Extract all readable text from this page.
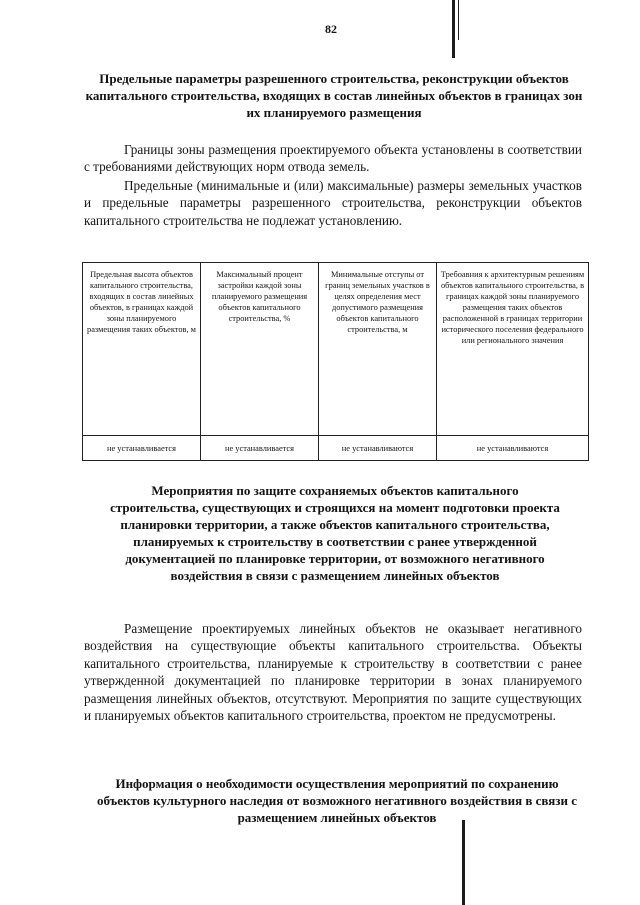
82
Предельные параметры разрешенного строительства, реконструкции объектов капитального строительства, входящих в состав линейных объектов в границах зон их планируемого размещения

Границы зоны размещения проектируемого объекта установлены в соответствии с требованиями действующих норм отвода земель.

Предельные (минимальные и (или) максимальные) размеры земельных участков и предельные параметры разрешенного строительства, реконструкции объектов капитального строительства не подлежат установлению.

Предельная высота объектов капитального строительства, входящих в состав линейных объектов, в границах каждой зоны планируемого размещения таких объектов, м	Максимальный процент застройки каждой зоны планируемого размещения объектов капитального строительства, %	Минимальные отступы от границ земельных участков в целях определения мест допустимого размещения объектов капитального строительства, м	Требоавния к архитектурным решениям объектов капитального строительства, в границах каждой зоны планируемого размещения таких объектов расположенной в границах территории исторического поселения федерального или регионального значения
не устанавливается	не устанавливается	не устанавливаются	не устанавливаются
Мероприятия по защите сохраняемых объектов капитального строительства, существующих и строящихся на момент подготовки проекта планировки территории, а также объектов капитального строительства, планируемых к строительству в соответствии с ранее утвержденной документацией по планировке территории, от возможного негативного воздействия в связи с размещением линейных объектов

Размещение проектируемых линейных объектов не оказывает негативного воздействия на существующие объекты капитального строительства. Объекты капитального строительства, планируемые к строительству в соответствии с ранее утвержденной документацией по планировке территории в зонах планируемого размещения линейных объектов, отсутствуют. Мероприятия по защите существующих и планируемых объектов капитального строительства, проектом не предусмотрены.

Информация о необходимости осуществления мероприятий по сохранению объектов культурного наследия от возможного негативного воздействия в связи с размещением линейных объектов
